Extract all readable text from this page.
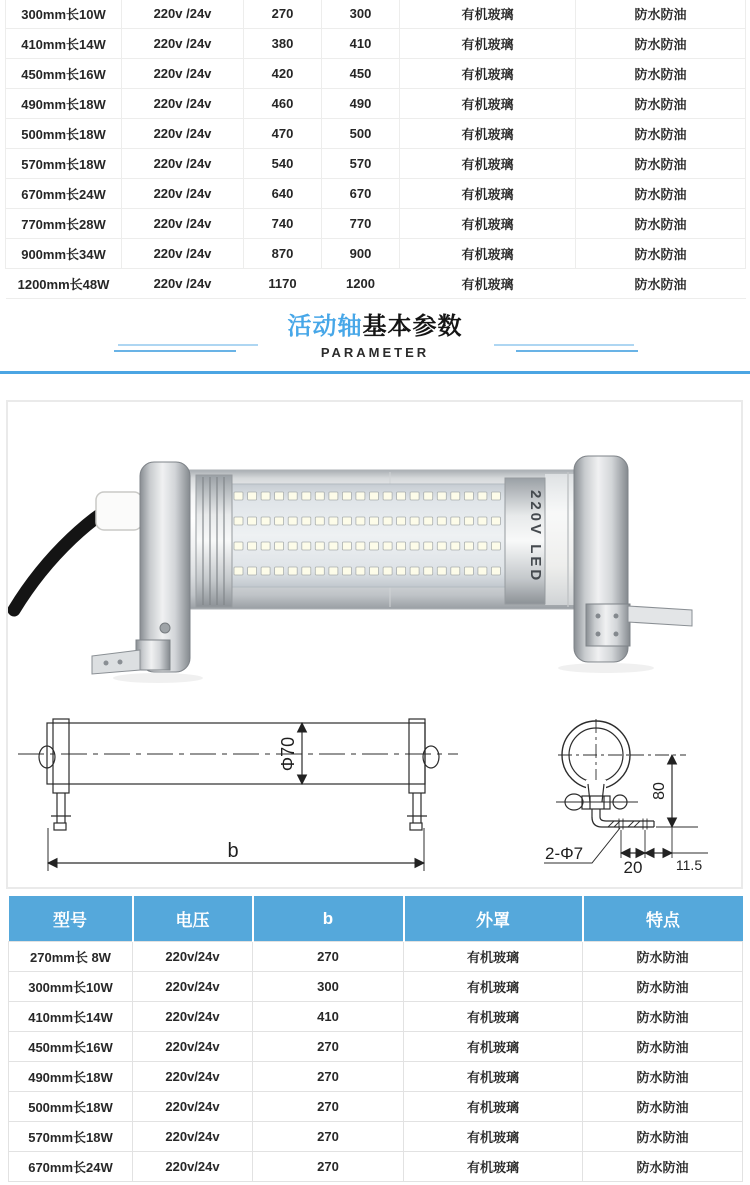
300mm长10W	220v /24v	270	300	有机玻璃	防水防油
410mm长14W	220v /24v	380	410	有机玻璃	防水防油
450mm长16W	220v /24v	420	450	有机玻璃	防水防油
490mm长18W	220v /24v	460	490	有机玻璃	防水防油
500mm长18W	220v /24v	470	500	有机玻璃	防水防油
570mm长18W	220v /24v	540	570	有机玻璃	防水防油
670mm长24W	220v /24v	640	670	有机玻璃	防水防油
770mm长28W	220v /24v	740	770	有机玻璃	防水防油
900mm长34W	220v /24v	870	900	有机玻璃	防水防油
1200mm长48W	220v /24v	1170	1200	有机玻璃	防水防油
活动轴基本参数
PARAMETER
220V LED
Φ70
b
80
2-Φ7
20 11.5
型号	电压	b	外罩	特点
270mm长 8W	220v/24v	270	有机玻璃	防水防油
300mm长10W	220v/24v	300	有机玻璃	防水防油
410mm长14W	220v/24v	410	有机玻璃	防水防油
450mm长16W	220v/24v	270	有机玻璃	防水防油
490mm长18W	220v/24v	270	有机玻璃	防水防油
500mm长18W	220v/24v	270	有机玻璃	防水防油
570mm长18W	220v/24v	270	有机玻璃	防水防油
670mm长24W	220v/24v	270	有机玻璃	防水防油
